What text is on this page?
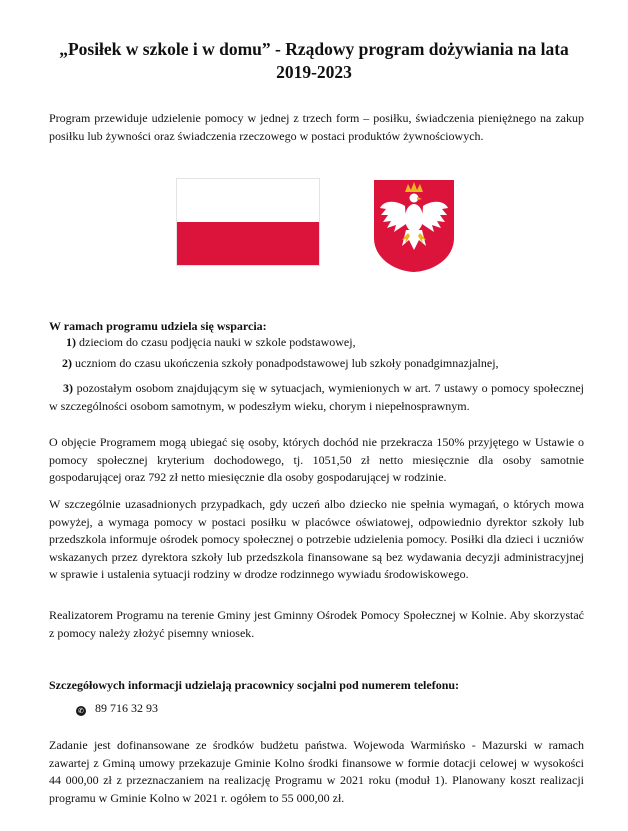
„Posiłek w szkole i w domu” - Rządowy program dożywiania na lata 2019-2023

Program przewiduje udzielenie pomocy w jednej z trzech form – posiłku, świadczenia pieniężnego na zakup posiłku lub żywności oraz świadczenia rzeczowego w postaci produktów żywnościowych.

W ramach programu udziela się wsparcia:

1) dzieciom do czasu podjęcia nauki w szkole podstawowej,

2) uczniom do czasu ukończenia szkoły ponadpodstawowej lub szkoły ponadgimnazjalnej,

3) pozostałym osobom znajdującym się w sytuacjach, wymienionych w art. 7 ustawy o pomocy społecznej w szczególności osobom samotnym, w podeszłym wieku, chorym i niepełnosprawnym.

O objęcie Programem mogą ubiegać się osoby, których dochód nie przekracza 150% przyjętego w Ustawie o pomocy społecznej kryterium dochodowego, tj. 1051,50 zł netto miesięcznie dla osoby samotnie gospodarującej oraz 792 zł netto miesięcznie dla osoby gospodarującej w rodzinie.

W szczególnie uzasadnionych przypadkach, gdy uczeń albo dziecko nie spełnia wymagań, o których mowa powyżej, a wymaga pomocy w postaci posiłku w placówce oświatowej, odpowiednio dyrektor szkoły lub przedszkola informuje ośrodek pomocy społecznej o potrzebie udzielenia pomocy. Posiłki dla dzieci i uczniów wskazanych przez dyrektora szkoły lub przedszkola finansowane są bez wydawania decyzji administracyjnej w sprawie i ustalenia sytuacji rodziny w drodze rodzinnego wywiadu środowiskowego.

Realizatorem Programu na terenie Gminy jest Gminny Ośrodek Pomocy Społecznej w Kolnie. Aby skorzystać z pomocy należy złożyć pisemny wniosek.

Szczegółowych informacji udzielają pracownicy socjalni pod numerem telefonu:

✆ 89 716 32 93

Zadanie jest dofinansowane ze środków budżetu państwa. Wojewoda Warmińsko - Mazurski w ramach zawartej z Gminą umowy przekazuje Gminie Kolno środki finansowe w formie dotacji celowej w wysokości 44 000,00 zł z przeznaczaniem na realizację Programu w 2021 roku (moduł 1). Planowany koszt realizacji programu w Gminie Kolno w 2021 r. ogółem to 55 000,00 zł.
